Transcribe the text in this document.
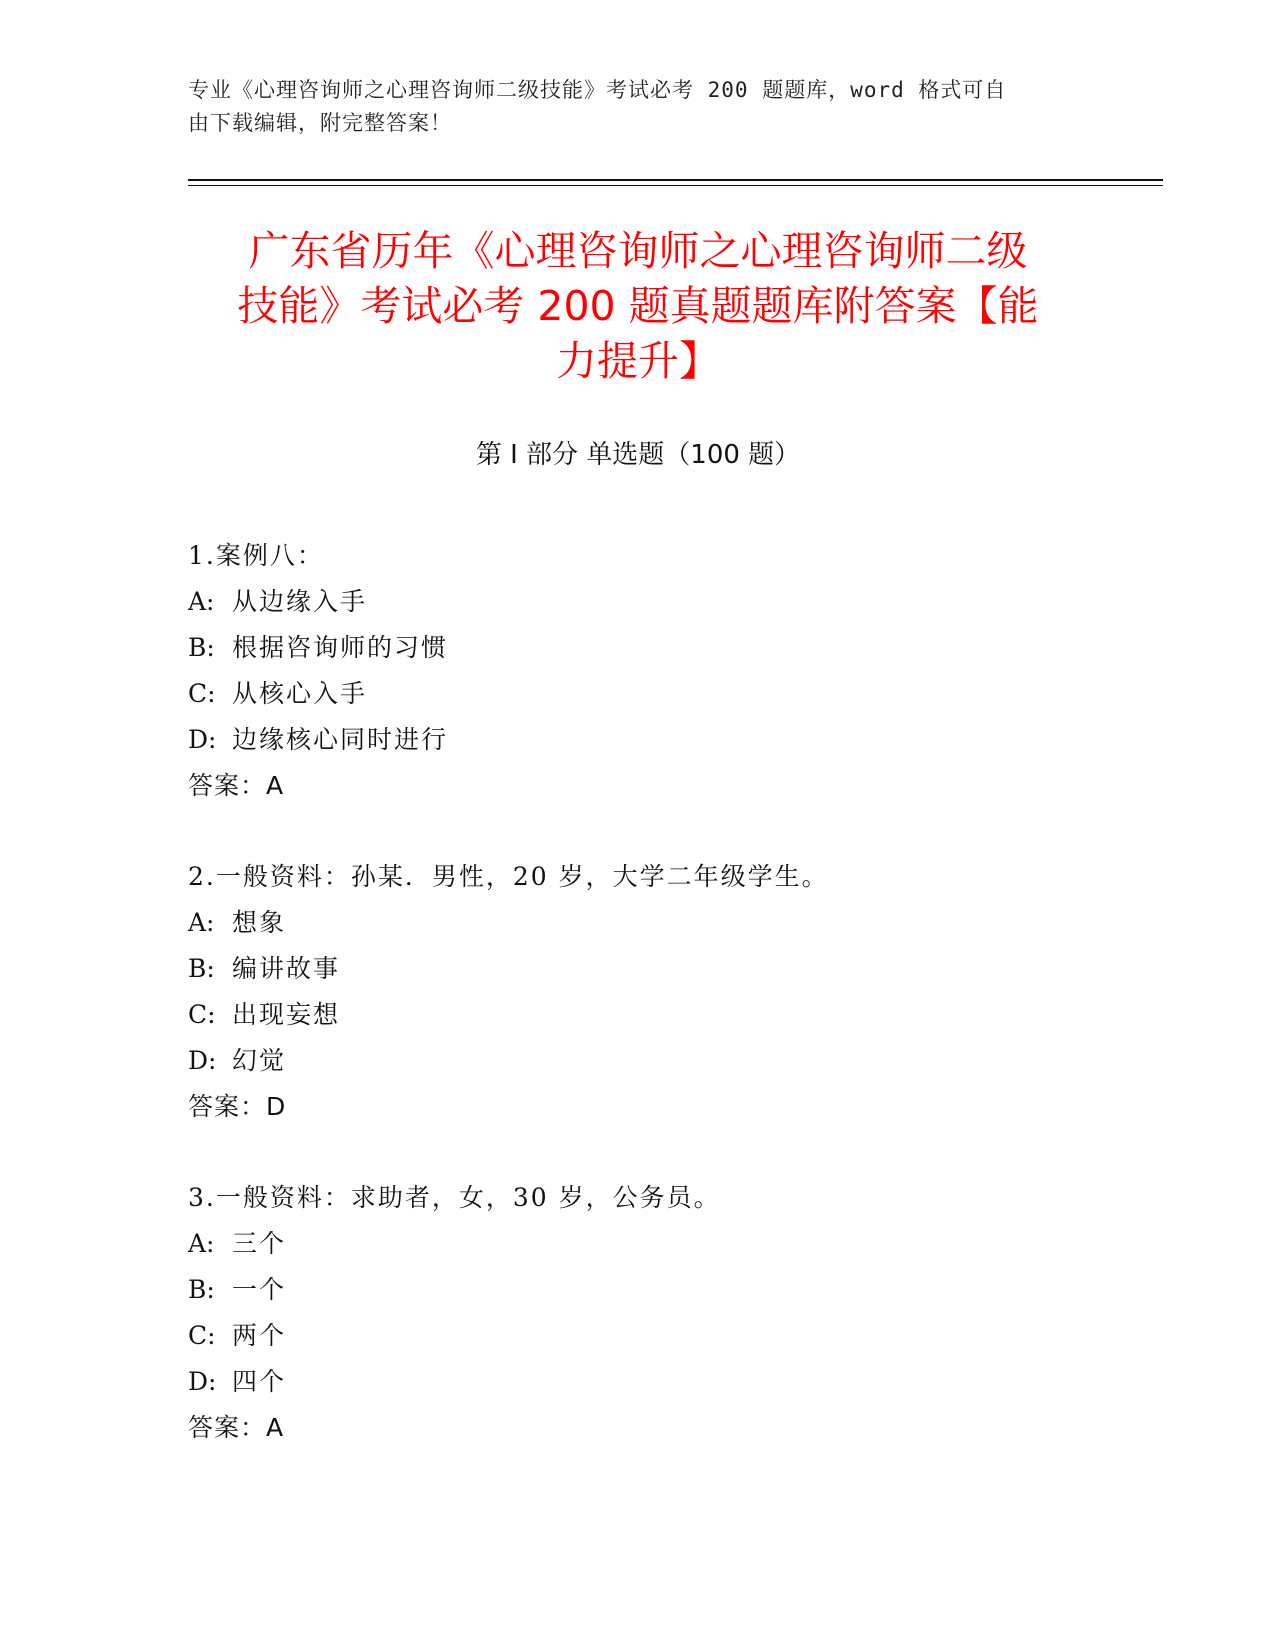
专业《心理咨询师之心理咨询师二级技能》考试必考 200 题题库，word 格式可自
由下载编辑，附完整答案！
广东省历年《心理咨询师之心理咨询师二级
技能》考试必考 200 题真题题库附答案【能
力提升】
第 I 部分 单选题（100 题）
1.案例八：
A: 从边缘入手
B: 根据咨询师的习惯
C: 从核心入手
D: 边缘核心同时进行
答案：A
2.一般资料：孙某．男性，20 岁，大学二年级学生。
A: 想象
B: 编讲故事
C: 出现妄想
D: 幻觉
答案：D
3.一般资料：求助者，女，30 岁，公务员。
A: 三个
B: 一个
C: 两个
D: 四个
答案：A
